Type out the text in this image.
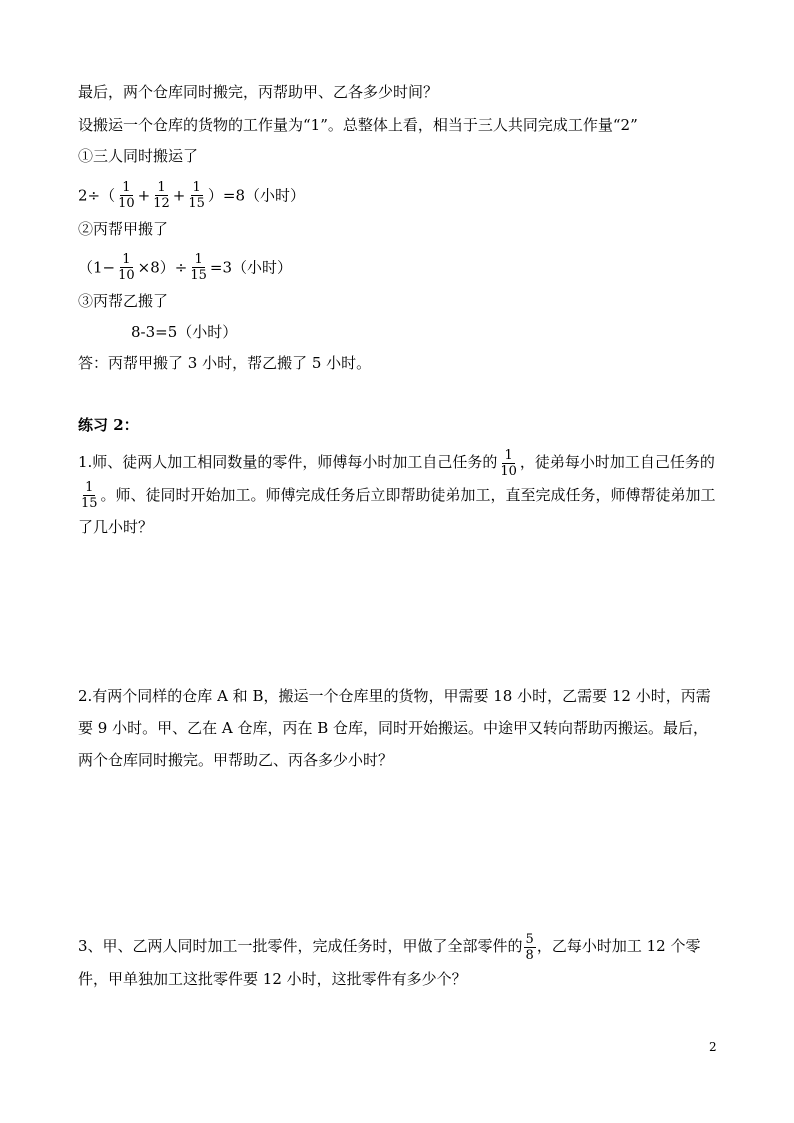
最后，两个仓库同时搬完，丙帮助甲、乙各多少时间？
设搬运一个仓库的货物的工作量为“1”。总整体上看，相当于三人共同完成工作量“2”
①三人同时搬运了
$2\div( \frac{1}{10} + \frac{1}{12} + \frac{1}{15} )=8$（小时）
②丙帮甲搬了
$(1- \frac{1}{10} \times 8)\div \frac{1}{15} =3$（小时）
③丙帮乙搬了
8-3=5（小时）
答：丙帮甲搬了 3 小时，帮乙搬了 5 小时。
练习 2：
1.师、徒两人加工相同数量的零件，师傅每小时加工自己任务的 $\frac{1}{10}$ ，徒弟每小时加工自己任务的
$\frac{1}{15}$ 。师、徒同时开始加工。师傅完成任务后立即帮助徒弟加工，直至完成任务，师傅帮徒弟加工了几小时？
2.有两个同样的仓库 A 和 B，搬运一个仓库里的货物，甲需要 18 小时，乙需要 12 小时，丙需要 9 小时。甲、乙在 A 仓库，丙在 B 仓库，同时开始搬运。中途甲又转向帮助丙搬运。最后，两个仓库同时搬完。甲帮助乙、丙各多少小时？
3、甲、乙两人同时加工一批零件，完成任务时，甲做了全部零件的 $\frac{5}{8}$ ，乙每小时加工 12 个零件，甲单独加工这批零件要 12 小时，这批零件有多少个？
2
